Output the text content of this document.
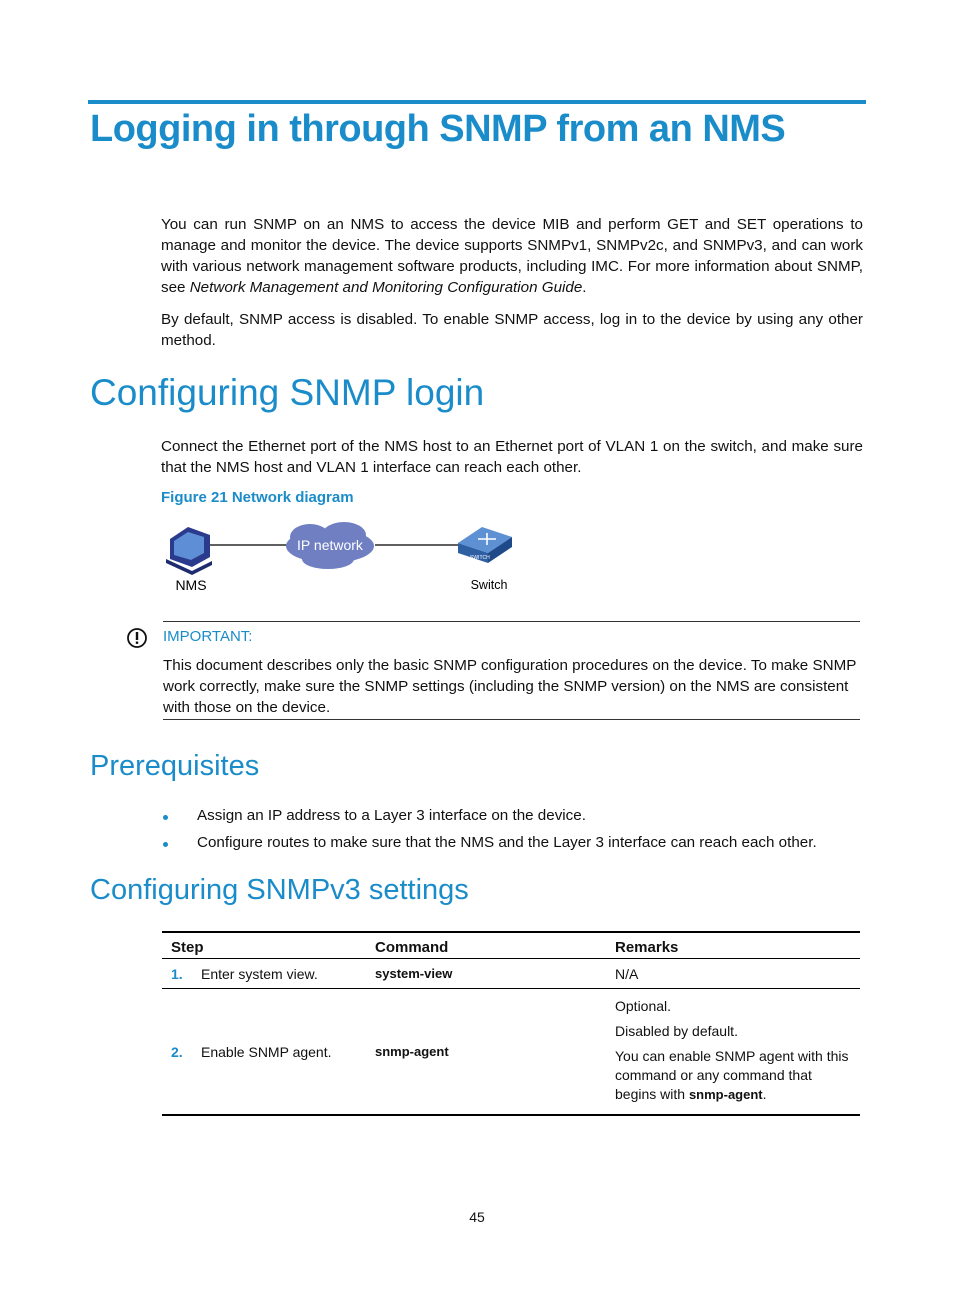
Logging in through SNMP from an NMS
You can run SNMP on an NMS to access the device MIB and perform GET and SET operations to manage and monitor the device. The device supports SNMPv1, SNMPv2c, and SNMPv3, and can work with various network management software products, including IMC. For more information about SNMP, see Network Management and Monitoring Configuration Guide.
By default, SNMP access is disabled. To enable SNMP access, log in to the device by using any other method.
Configuring SNMP login
Connect the Ethernet port of the NMS host to an Ethernet port of VLAN 1 on the switch, and make sure that the NMS host and VLAN 1 interface can reach each other.
Figure 21 Network diagram
IP network
SWITCH
NMS	Switch
IMPORTANT:
This document describes only the basic SNMP configuration procedures on the device. To make SNMP work correctly, make sure the SNMP settings (including the SNMP version) on the NMS are consistent with those on the device.
Prerequisites
Assign an IP address to a Layer 3 interface on the device.
Configure routes to make sure that the NMS and the Layer 3 interface can reach each other.
Configuring SNMPv3 settings
Step	Command	Remarks
1. Enter system view.	system-view	N/A
2. Enable SNMP agent.	snmp-agent	Optional.

Disabled by default.

You can enable SNMP agent with this command or any command that begins with snmp-agent.

45
